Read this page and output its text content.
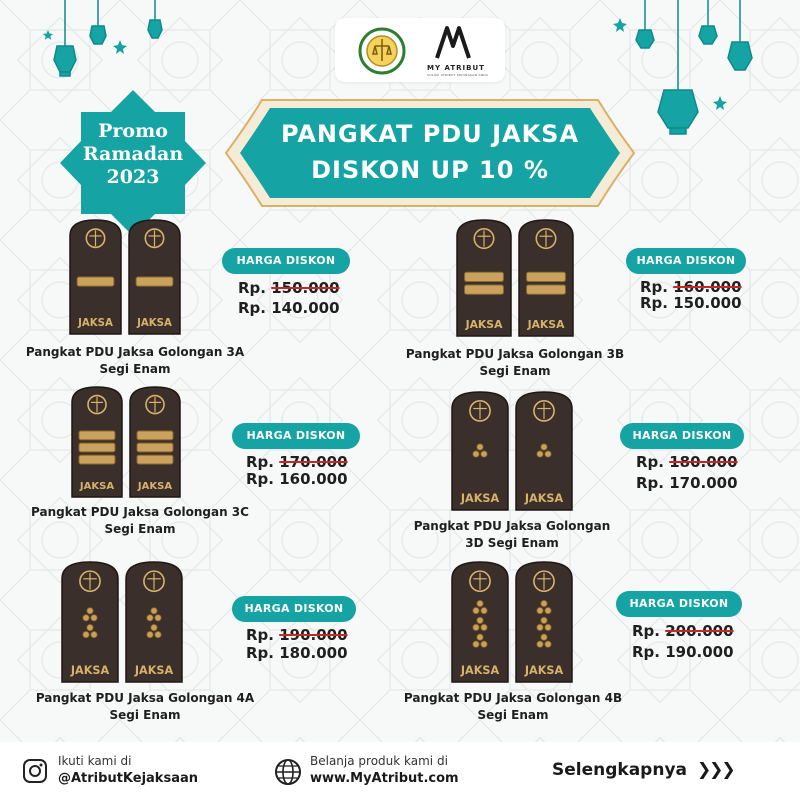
MY ATRIBUT
SOLUSI ATRIBUT KEDINASAN ANDA
Promo
Ramadan
2023
PANGKAT PDU JAKSA
DISKON UP 10 %
JAKSA JAKSA
HARGA DISKON
Rp. 150.000
Rp. 140.000
Pangkat PDU Jaksa Golongan 3A
Segi Enam
JAKSA JAKSA
HARGA DISKON
Rp. 160.000
Rp. 150.000
Pangkat PDU Jaksa Golongan 3B
Segi Enam
JAKSA JAKSA
HARGA DISKON
Rp. 170.000
Rp. 160.000
Pangkat PDU Jaksa Golongan 3C
Segi Enam
JAKSA JAKSA
HARGA DISKON
Rp. 180.000
Rp. 170.000
Pangkat PDU Jaksa Golongan
3D Segi Enam
JAKSA JAKSA
HARGA DISKON
Rp. 190.000
Rp. 180.000
Pangkat PDU Jaksa Golongan 4A
Segi Enam
JAKSA JAKSA
HARGA DISKON
Rp. 200.000
Rp. 190.000
Pangkat PDU Jaksa Golongan 4B
Segi Enam
Ikuti kami di
@AtributKejaksaan
Belanja produk kami di
www.MyAtribut.com	Selengkapnya ❯❯❯
